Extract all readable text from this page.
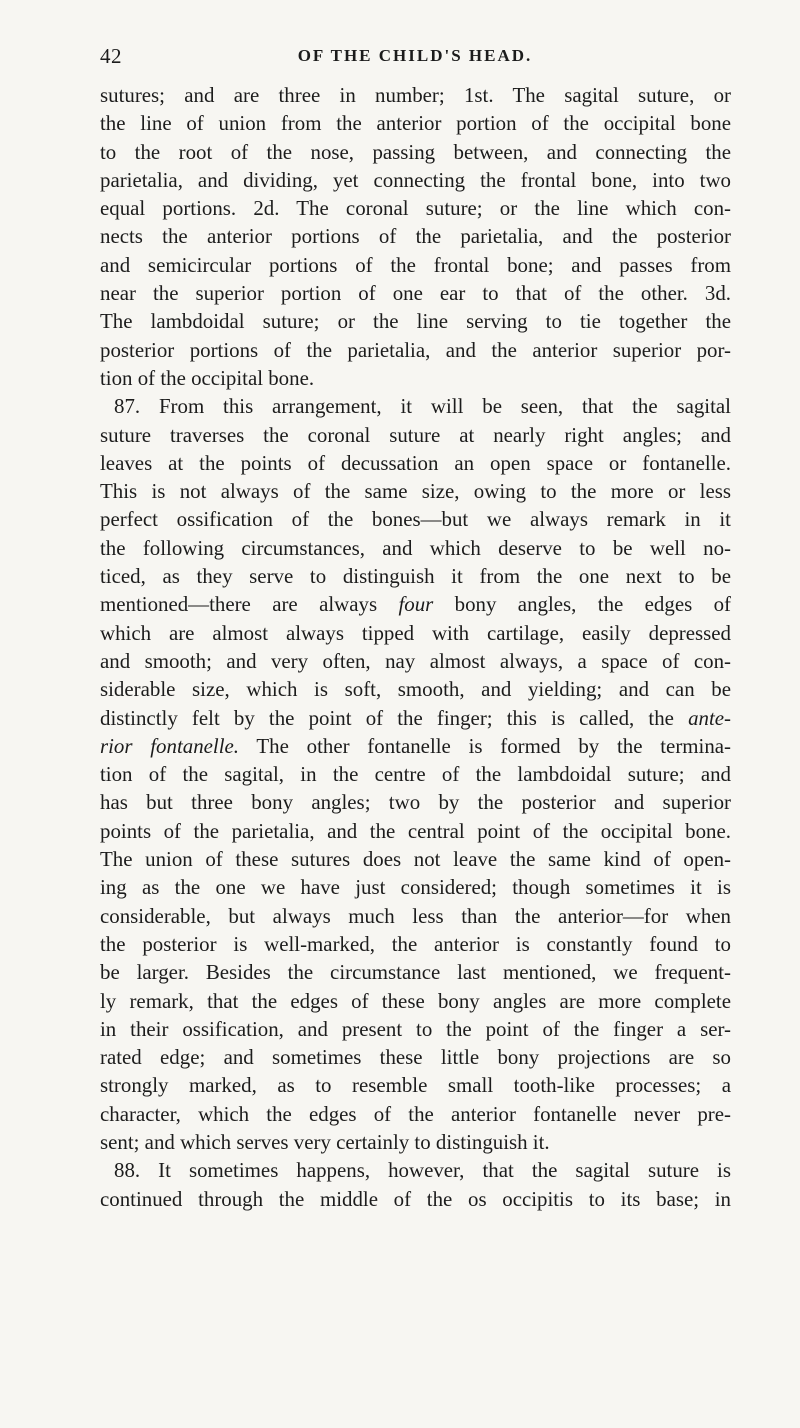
42	OF THE CHILD'S HEAD.
sutures; and are three in number; 1st. The sagital suture, or
the line of union from the anterior portion of the occipital bone
to the root of the nose, passing between, and connecting the
parietalia, and dividing, yet connecting the frontal bone, into two
equal portions. 2d. The coronal suture; or the line which con-
nects the anterior portions of the parietalia, and the posterior
and semicircular portions of the frontal bone; and passes from
near the superior portion of one ear to that of the other. 3d.
The lambdoidal suture; or the line serving to tie together the
posterior portions of the parietalia, and the anterior superior por-
tion of the occipital bone.
87. From this arrangement, it will be seen, that the sagital
suture traverses the coronal suture at nearly right angles; and
leaves at the points of decussation an open space or fontanelle.
This is not always of the same size, owing to the more or less
perfect ossification of the bones—but we always remark in it
the following circumstances, and which deserve to be well no-
ticed, as they serve to distinguish it from the one next to be
mentioned—there are always four bony angles, the edges of
which are almost always tipped with cartilage, easily depressed
and smooth; and very often, nay almost always, a space of con-
siderable size, which is soft, smooth, and yielding; and can be
distinctly felt by the point of the finger; this is called, the ante-
rior fontanelle. The other fontanelle is formed by the termina-
tion of the sagital, in the centre of the lambdoidal suture; and
has but three bony angles; two by the posterior and superior
points of the parietalia, and the central point of the occipital bone.
The union of these sutures does not leave the same kind of open-
ing as the one we have just considered; though sometimes it is
considerable, but always much less than the anterior—for when
the posterior is well-marked, the anterior is constantly found to
be larger. Besides the circumstance last mentioned, we frequent-
ly remark, that the edges of these bony angles are more complete
in their ossification, and present to the point of the finger a ser-
rated edge; and sometimes these little bony projections are so
strongly marked, as to resemble small tooth-like processes; a
character, which the edges of the anterior fontanelle never pre-
sent; and which serves very certainly to distinguish it.
88. It sometimes happens, however, that the sagital suture is
continued through the middle of the os occipitis to its base; in
